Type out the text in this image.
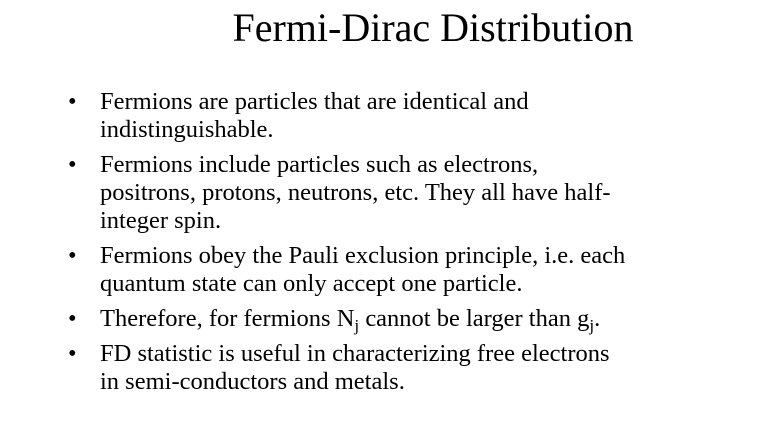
Fermi-Dirac Distribution
• Fermions are particles that are identical and
indistinguishable.
• Fermions include particles such as electrons,
positrons, protons, neutrons, etc. They all have half-
integer spin.
• Fermions obey the Pauli exclusion principle, i.e. each
quantum state can only accept one particle.
• Therefore, for fermions $N_j$ cannot be larger than $g_j$.
• FD statistic is useful in characterizing free electrons
in semi-conductors and metals.
